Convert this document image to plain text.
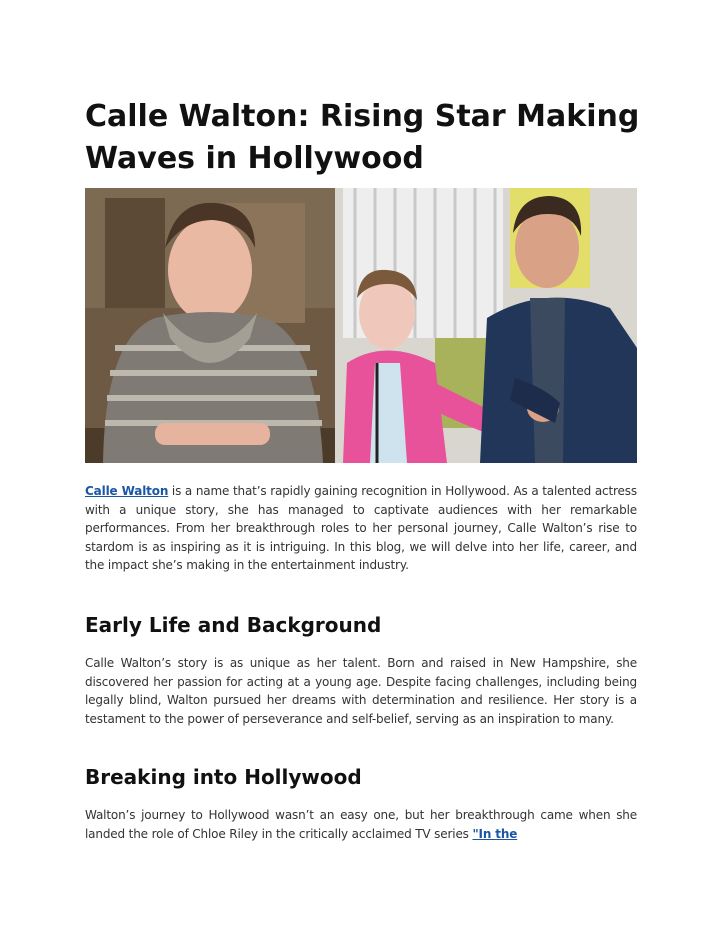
Calle Walton: Rising Star Making Waves in Hollywood

Calle Walton is a name that’s rapidly gaining recognition in Hollywood. As a talented actress with a unique story, she has managed to captivate audiences with her remarkable performances. From her breakthrough roles to her personal journey, Calle Walton’s rise to stardom is as inspiring as it is intriguing. In this blog, we will delve into her life, career, and the impact she’s making in the entertainment industry.

Early Life and Background

Calle Walton’s story is as unique as her talent. Born and raised in New Hampshire, she discovered her passion for acting at a young age. Despite facing challenges, including being legally blind, Walton pursued her dreams with determination and resilience. Her story is a testament to the power of perseverance and self-belief, serving as an inspiration to many.

Breaking into Hollywood

Walton’s journey to Hollywood wasn’t an easy one, but her breakthrough came when she landed the role of Chloe Riley in the critically acclaimed TV series "In the
